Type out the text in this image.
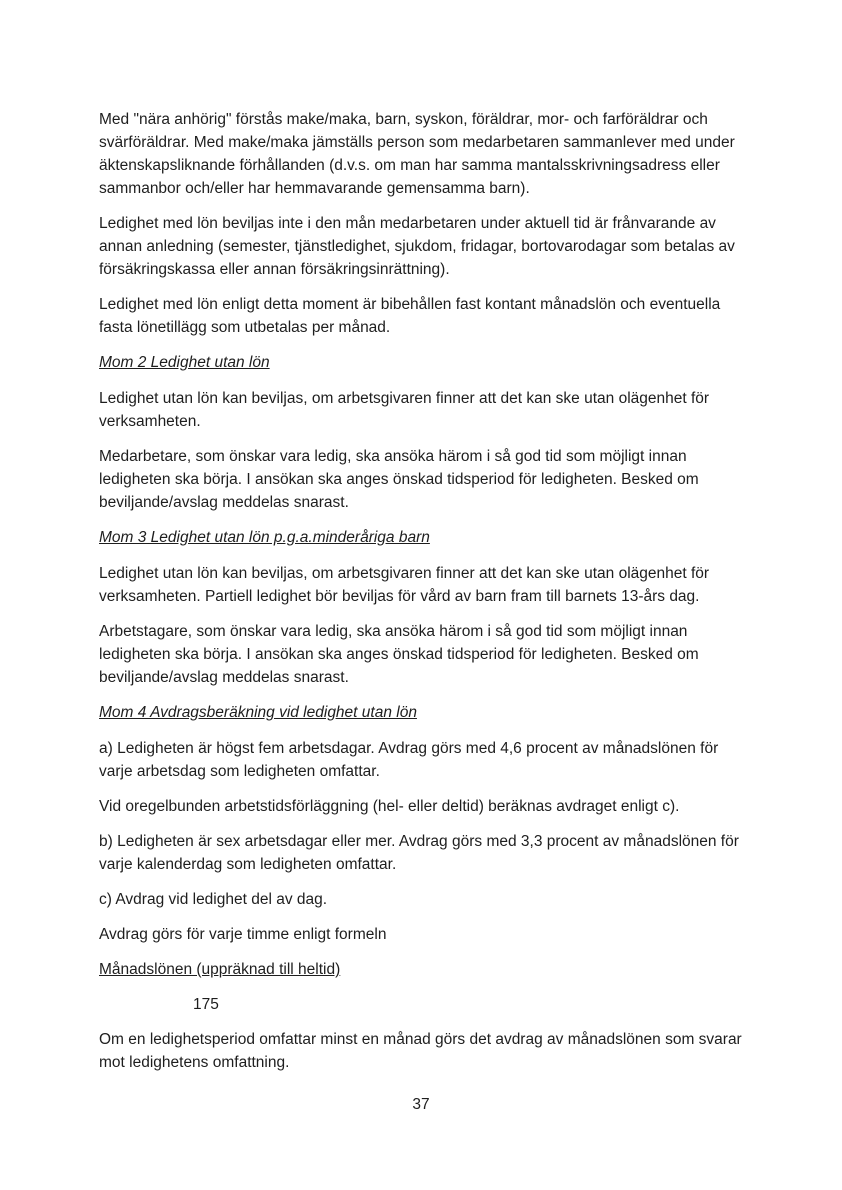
Med "nära anhörig" förstås make/maka, barn, syskon, föräldrar, mor- och farföräldrar och svärföräldrar. Med make/maka jämställs person som medarbetaren sammanlever med under äktenskapsliknande förhållanden (d.v.s. om man har samma mantalsskrivningsadress eller sammanbor och/eller har hemmavarande gemensamma barn).

Ledighet med lön beviljas inte i den mån medarbetaren under aktuell tid är frånvarande av annan anledning (semester, tjänstledighet, sjukdom, fridagar, bortovarodagar som betalas av försäkringskassa eller annan försäkringsinrättning).

Ledighet med lön enligt detta moment är bibehållen fast kontant månadslön och eventuella fasta lönetillägg som utbetalas per månad.

Mom 2 Ledighet utan lön

Ledighet utan lön kan beviljas, om arbetsgivaren finner att det kan ske utan olägenhet för verksamheten.

Medarbetare, som önskar vara ledig, ska ansöka härom i så god tid som möjligt innan ledigheten ska börja. I ansökan ska anges önskad tidsperiod för ledigheten. Besked om beviljande/avslag meddelas snarast.

Mom 3 Ledighet utan lön p.g.a.minderåriga barn

Ledighet utan lön kan beviljas, om arbetsgivaren finner att det kan ske utan olägenhet för verksamheten. Partiell ledighet bör beviljas för vård av barn fram till barnets 13-års dag.

Arbetstagare, som önskar vara ledig, ska ansöka härom i så god tid som möjligt innan ledigheten ska börja. I ansökan ska anges önskad tidsperiod för ledigheten. Besked om beviljande/avslag meddelas snarast.

Mom 4 Avdragsberäkning vid ledighet utan lön

a) Ledigheten är högst fem arbetsdagar. Avdrag görs med 4,6 procent av månadslönen för varje arbetsdag som ledigheten omfattar.

Vid oregelbunden arbetstidsförläggning (hel- eller deltid) beräknas avdraget enligt c).

b) Ledigheten är sex arbetsdagar eller mer. Avdrag görs med 3,3 procent av månadslönen för varje kalenderdag som ledigheten omfattar.

c) Avdrag vid ledighet del av dag.

Avdrag görs för varje timme enligt formeln

Månadslönen (uppräknad till heltid)

175

Om en ledighetsperiod omfattar minst en månad görs det avdrag av månadslönen som svarar mot ledighetens omfattning.

37
